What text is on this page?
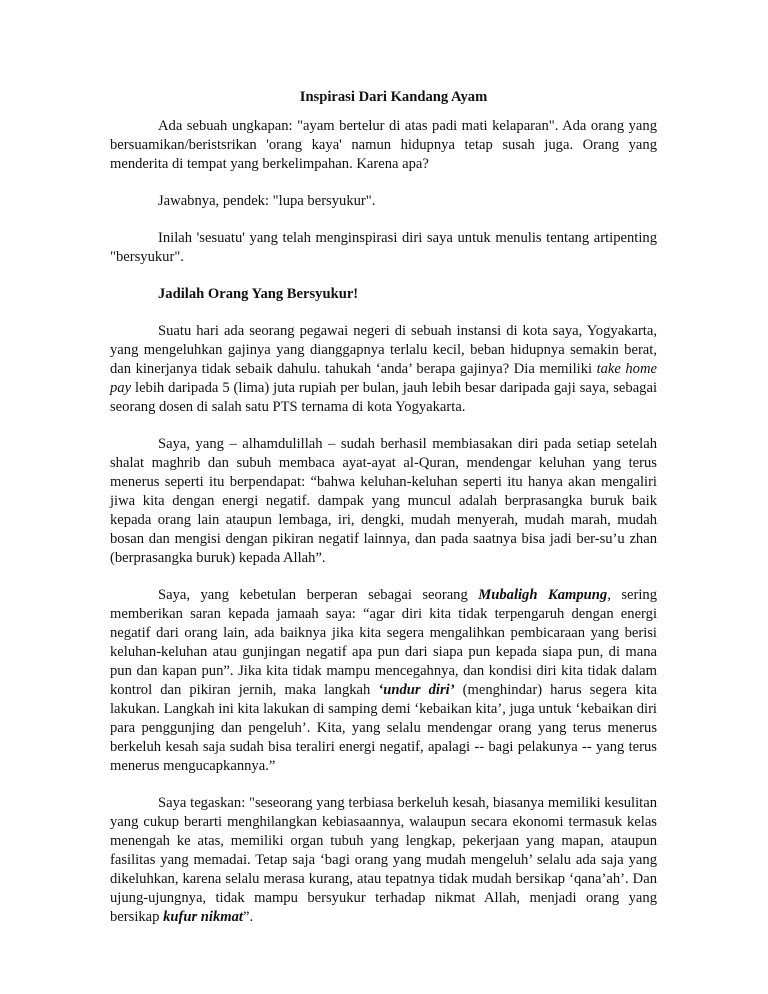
Inspirasi Dari Kandang Ayam

Ada sebuah ungkapan: "ayam bertelur di atas padi mati kelaparan". Ada orang yang bersuamikan/beristsrikan 'orang kaya' namun hidupnya tetap susah juga. Orang yang menderita di tempat yang berkelimpahan. Karena apa?

Jawabnya, pendek: "lupa bersyukur".

Inilah 'sesuatu' yang telah menginspirasi diri saya untuk menulis tentang artipenting "bersyukur".

Jadilah Orang Yang Bersyukur!

Suatu hari ada seorang pegawai negeri di sebuah instansi di kota saya, Yogyakarta, yang mengeluhkan gajinya yang dianggapnya terlalu kecil, beban hidupnya semakin berat, dan kinerjanya tidak sebaik dahulu. tahukah ‘anda’ berapa gajinya? Dia memiliki take home pay lebih daripada 5 (lima) juta rupiah per bulan, jauh lebih besar daripada gaji saya, sebagai seorang dosen di salah satu PTS ternama di kota Yogyakarta.

Saya, yang – alhamdulillah – sudah berhasil membiasakan diri pada setiap setelah shalat maghrib dan subuh membaca ayat-ayat al-Quran, mendengar keluhan yang terus menerus seperti itu berpendapat: “bahwa keluhan-keluhan seperti itu hanya akan mengaliri jiwa kita dengan energi negatif. dampak yang muncul adalah berprasangka buruk baik kepada orang lain ataupun lembaga, iri, dengki, mudah menyerah, mudah marah, mudah bosan dan mengisi dengan pikiran negatif lainnya, dan pada saatnya bisa jadi ber-su’u zhan (berprasangka buruk) kepada Allah”.

Saya, yang kebetulan berperan sebagai seorang Mubaligh Kampung, sering memberikan saran kepada jamaah saya: “agar diri kita tidak terpengaruh dengan energi negatif dari orang lain, ada baiknya jika kita segera mengalihkan pembicaraan yang berisi keluhan-keluhan atau gunjingan negatif apa pun dari siapa pun kepada siapa pun, di mana pun dan kapan pun”. Jika kita tidak mampu mencegahnya, dan kondisi diri kita tidak dalam kontrol dan pikiran jernih, maka langkah ‘undur diri’ (menghindar) harus segera kita lakukan. Langkah ini kita lakukan di samping demi ‘kebaikan kita’, juga untuk ‘kebaikan diri para penggunjing dan pengeluh’. Kita, yang selalu mendengar orang yang terus menerus berkeluh kesah saja sudah bisa teraliri energi negatif, apalagi -- bagi pelakunya -- yang terus menerus mengucapkannya.”

Saya tegaskan: "seseorang yang terbiasa berkeluh kesah, biasanya memiliki kesulitan yang cukup berarti menghilangkan kebiasaannya, walaupun secara ekonomi termasuk kelas menengah ke atas, memiliki organ tubuh yang lengkap, pekerjaan yang mapan, ataupun fasilitas yang memadai. Tetap saja ‘bagi orang yang mudah mengeluh’ selalu ada saja yang dikeluhkan, karena selalu merasa kurang, atau tepatnya tidak mudah bersikap ‘qana’ah’. Dan ujung-ujungnya, tidak mampu bersyukur terhadap nikmat Allah, menjadi orang yang bersikap kufur nikmat”.
